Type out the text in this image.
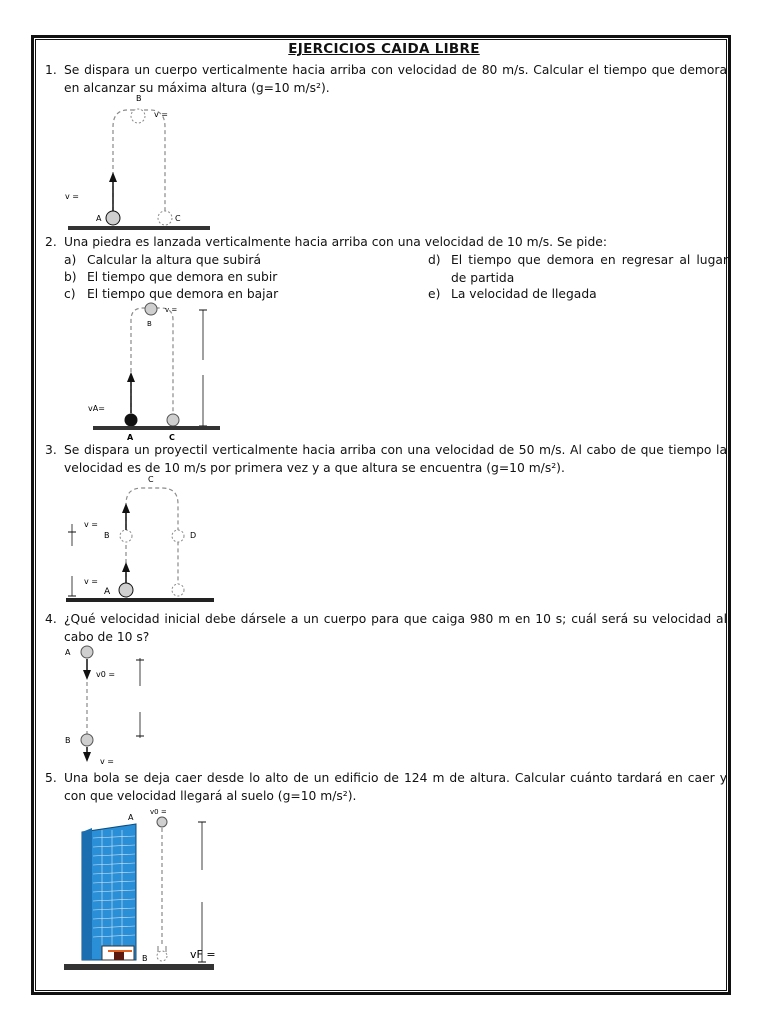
EJERCICIOS CAIDA LIBRE
1. Se dispara un cuerpo verticalmente hacia arriba con velocidad de 80 m/s. Calcular el tiempo que demora en alcanzar su máxima altura (g=10 m/s²).
B
v =
v =
A	C
2. Una piedra es lanzada verticalmente hacia arriba con una velocidad de 10 m/s. Se pide:
a) Calcular la altura que subirá
b) El tiempo que demora en subir
c) El tiempo que demora en bajar
d) El tiempo que demora en regresar al lugar de partida
e) La velocidad de llegada
B
v =
vA=
A	C
3. Se dispara un proyectil verticalmente hacia arriba con una velocidad de 50 m/s. Al cabo de que tiempo la velocidad es de 10 m/s por primera vez y a que altura se encuentra (g=10 m/s²).
C
v =
B	D
v =
A
4. ¿Qué velocidad inicial debe dársele a un cuerpo para que caiga 980 m en 10 s; cuál será su velocidad al cabo de 10 s?
A
v0 =
B
v =
5. Una bola se deja caer desde lo alto de un edificio de 124 m de altura. Calcular cuánto tardará en caer y con que velocidad llegará al suelo (g=10 m/s²).
A
v0 =
B	vF =
